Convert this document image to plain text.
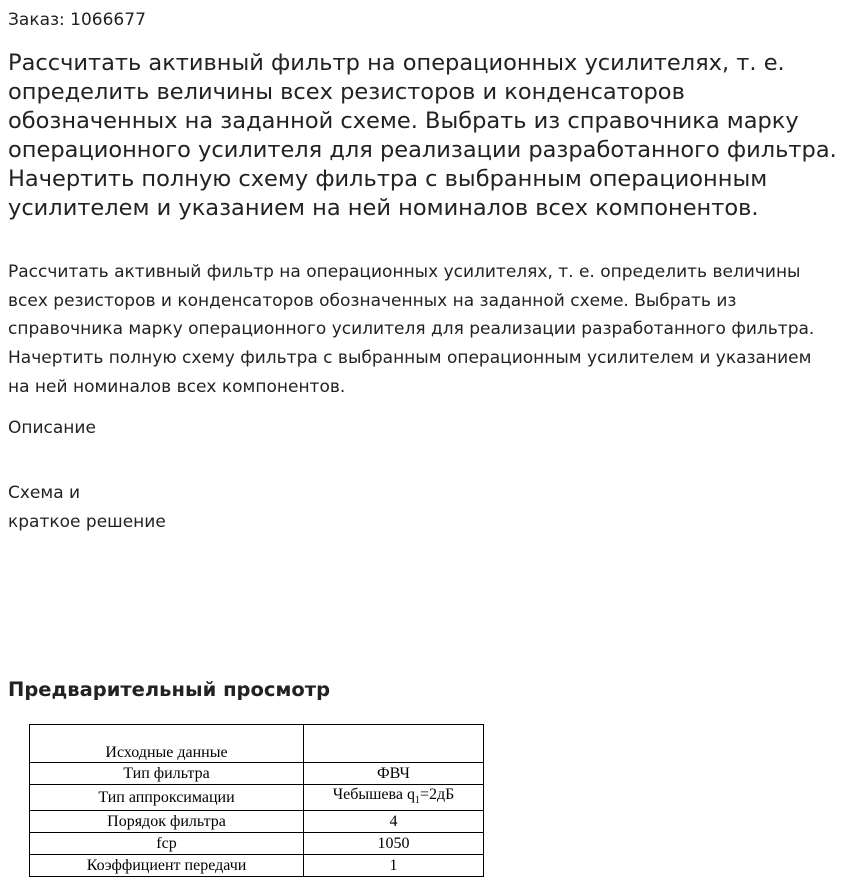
Заказ: 1066677
Рассчитать активный фильтр на операционных усилителях, т. е. определить величины всех резисторов и конденсаторов обозначенных на заданной схеме. Выбрать из справочника марку операционного усилителя для реализации разработанного фильтра. Начертить полную схему фильтра с выбранным операционным усилителем и указанием на ней номиналов всех компонентов.

Рассчитать активный фильтр на операционных усилителях, т. е. определить величины всех резисторов и конденсаторов обозначенных на заданной схеме. Выбрать из справочника марку операционного усилителя для реализации разработанного фильтра. Начертить полную схему фильтра с выбранным операционным усилителем и указанием на ней номиналов всех компонентов.

Описание
Схема и
краткое решение
Предварительный просмотр
Исходные данные	
Тип фильтра	ФВЧ
Тип аппроксимации	Чебышева $q_1=2дБ$
Порядок фильтра	4
fср	1050
Коэффициент передачи	1
